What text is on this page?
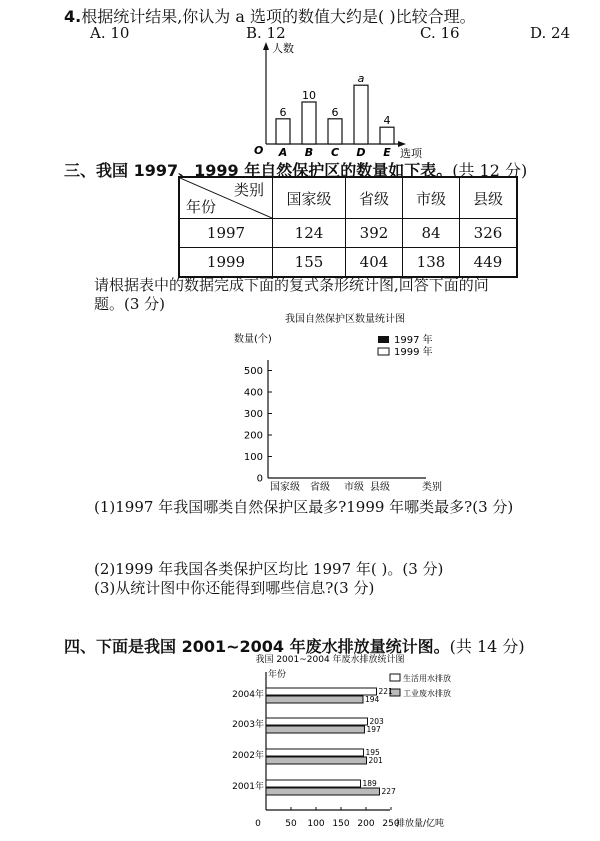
4.根据统计结果,你认为 a 选项的数值大约是( )比较合理。
A. 10	B. 12	C. 16	D. 24
人数
选项
O
6
A
10
B
6
C
a
D
4
E
三、我国 1997、1999 年自然保护区的数量如下表。(共 12 分)
类别
年份	国家级	省级	市级	县级
1997	124	392	84	326
1999	155	404	138	449
请根据表中的数据完成下面的复式条形统计图,回答下面的问
题。(3 分)
我国自然保护区数量统计图
数量(个)	1997 年
1999 年
0
100
200
300
400
500
国家级 省级 市级 县级	类别
(1)1997 年我国哪类自然保护区最多?1999 年哪类最多?(3 分)
(2)1999 年我国各类保护区均比 1997 年( )。(3 分)
(3)从统计图中你还能得到哪些信息?(3 分)
四、下面是我国 2001~2004 年废水排放量统计图。(共 14 分)
我国 2001~2004 年废水排放统计图
年份	生活用水排放
工业废水排放
排放量/亿吨
2004年	221
194
2003年	203
197
2002年	195
201
2001年	189
227
0	50 100 150 200 250
